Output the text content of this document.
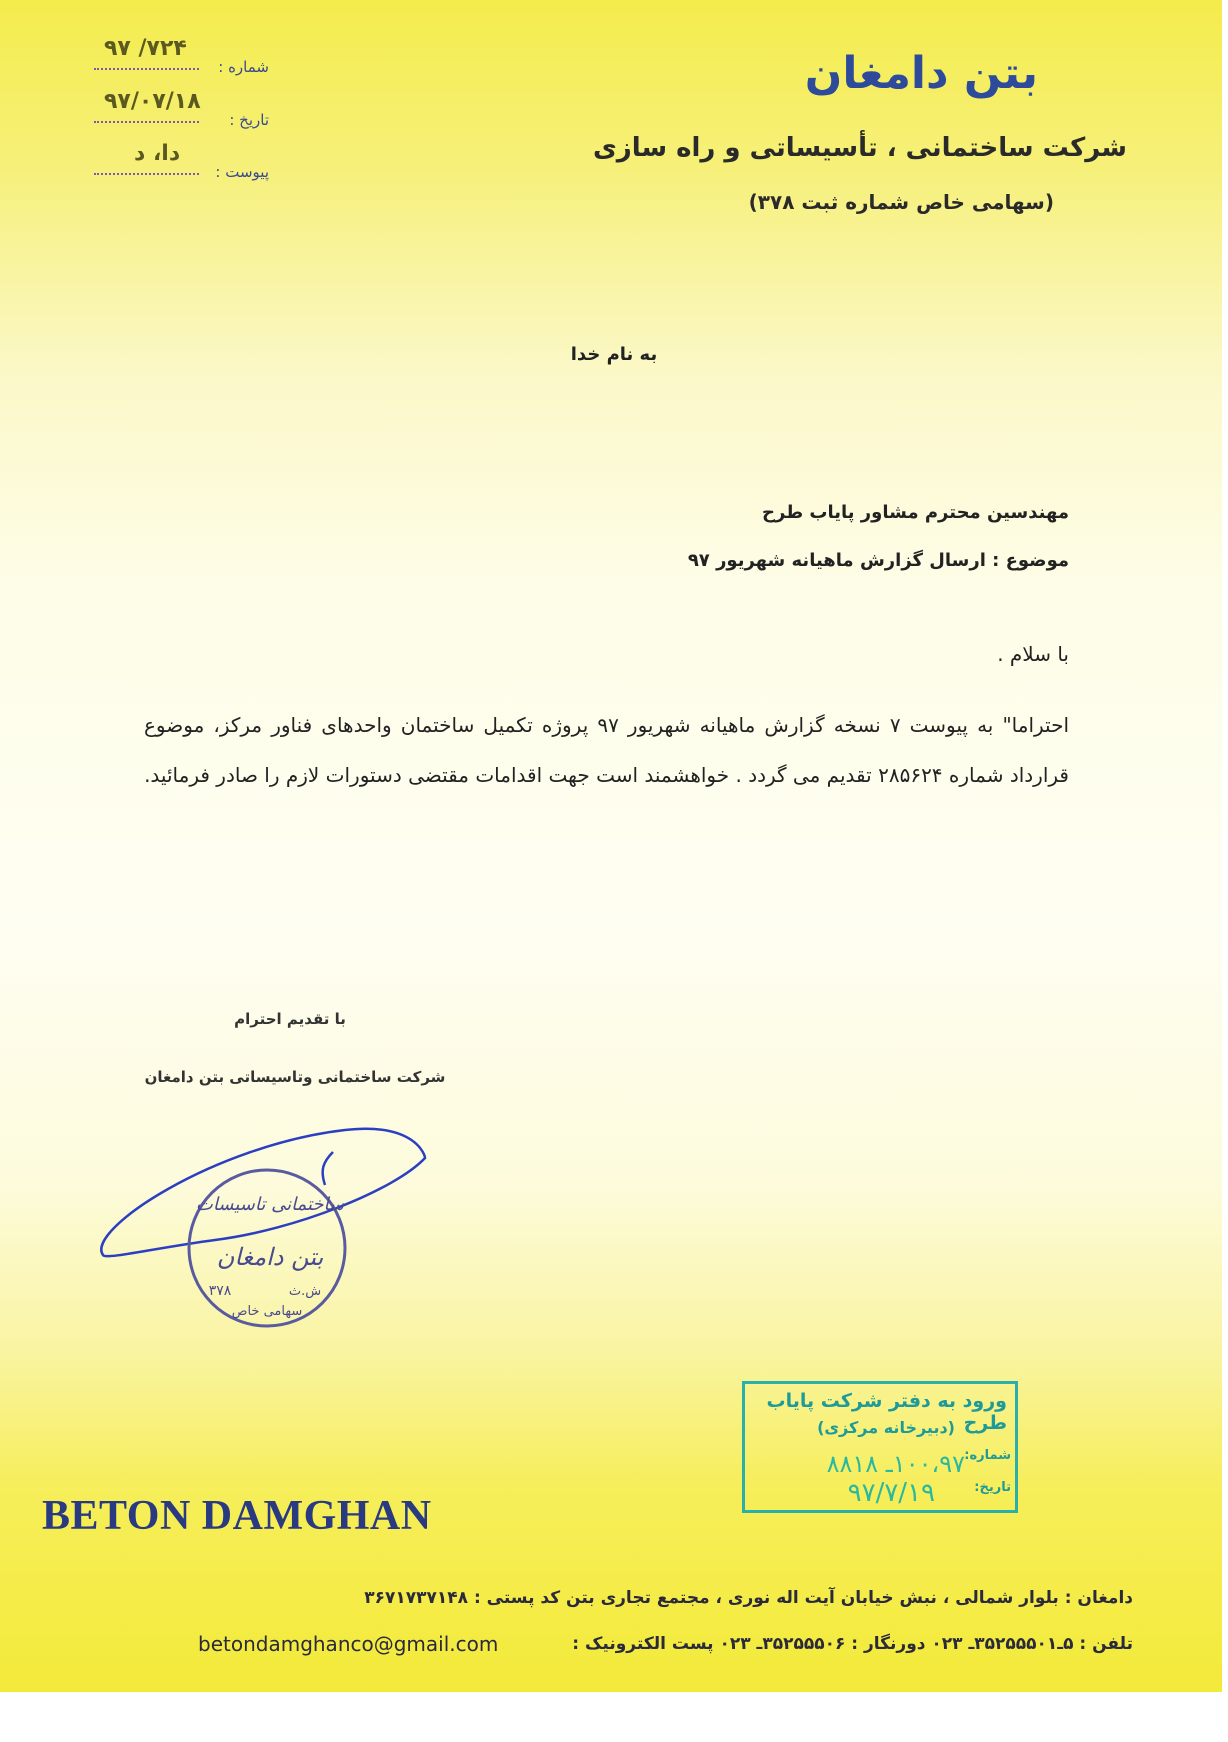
بتن دامغان
شرکت ساختمانی ، تأسیساتی و راه سازی
(سهامی خاص شماره ثبت ۳۷۸)
۹۷ /۷۲۴
شماره :
۹۷/۰۷/۱۸
تاریخ :
دا، د
پیوست :
به نام خدا
مهندسین محترم مشاور پایاب طرح
موضوع : ارسال گزارش ماهیانه شهریور ۹۷
با سلام .
احتراما" به پیوست ۷ نسخه گزارش ماهیانه شهریور ۹۷ پروژه تکمیل ساختمان واحدهای فناور مرکز، موضوع قرارداد شماره ۲۸۵۶۲۴ تقدیم می گردد . خواهشمند است جهت اقدامات مقتضی دستورات لازم را صادر فرمائید.
با تقدیم احترام
شرکت ساختمانی وتاسیساتی بتن دامغان
ساختمانی تاسیسات
بتن دامغان
۳۷۸	ش.ث
سهامی خاص
ورود به دفتر شرکت پایاب طرح
(دبیرخانه مرکزی)
شماره:
۱۰۰،۹۷ـ ۸۸۱۸
تاریخ:
۹۷/۷/۱۹
BETON DAMGHAN
دامغان : بلوار شمالی ، نبش خیابان آیت اله نوری ، مجتمع تجاری بتن کد پستی : ۳۶۷۱۷۳۷۱۴۸
تلفن : ۵ـ۳۵۲۵۵۵۰۱ـ ۰۲۳ دورنگار : ۳۵۲۵۵۵۰۶ـ ۰۲۳ پست الکترونیک :
betondamghanco@gmail.com
